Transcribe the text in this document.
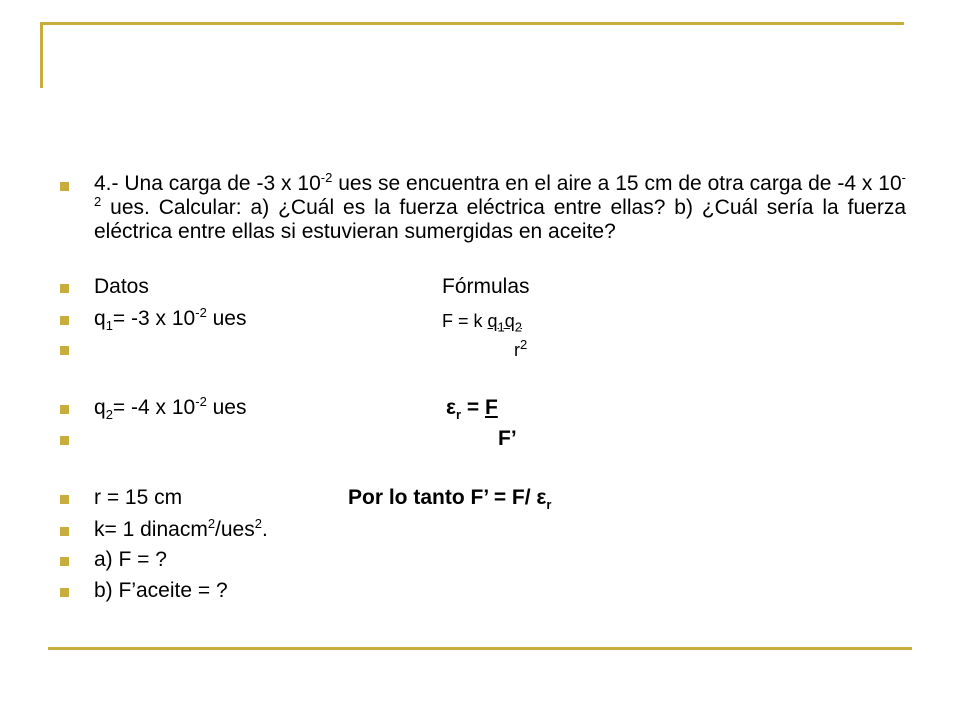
4.- Una carga de -3 x $10^{-2}$ ues se encuentra en el aire a 15 cm de otra carga de -4 x $10^{-2}$ ues. Calcular: a) ¿Cuál es la fuerza eléctrica entre ellas? b) ¿Cuál sería la fuerza eléctrica entre ellas si estuvieran sumergidas en aceite?
Datos	Fórmulas
$q_1= -3$ x $10^{-2}$ ues	F = k $q_1q_2$
$r^2$
$q_2= -4$ x $10^{-2}$ ues	$\varepsilon_r = F$
F’
r = 15 cm	Por lo tanto F’ = F/ $\varepsilon_r$
k= 1 dinacm$^2$/ues$^2$.
a) F = ?
b) F’aceite = ?
